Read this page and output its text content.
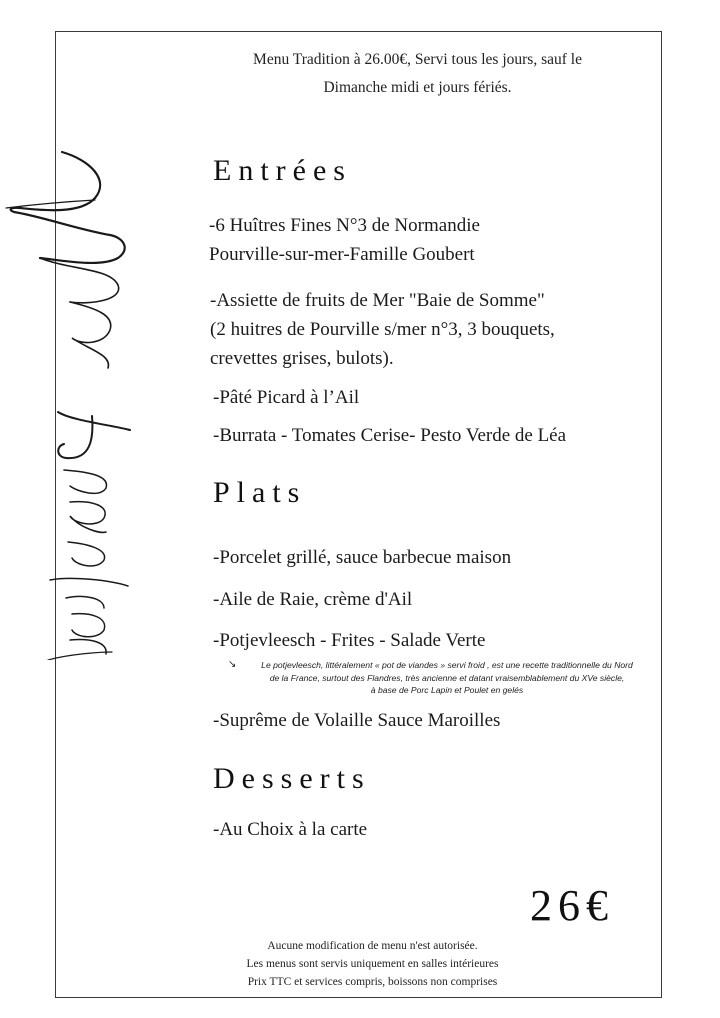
Menu Tradition à 26.00€, Servi tous les jours, sauf le
Dimanche midi et jours fériés.
Entrées
-6 Huîtres Fines N°3 de Normandie
Pourville-sur-mer-Famille Goubert
-Assiette de fruits de Mer "Baie de Somme"
(2 huitres de Pourville s/mer n°3, 3 bouquets,
crevettes grises, bulots).
-Pâté Picard à l’Ail
-Burrata - Tomates Cerise- Pesto Verde de Léa
Plats
-Porcelet grillé, sauce barbecue maison
-Aile de Raie, crème d'Ail
-Potjevleesch - Frites - Salade Verte
↘	Le potjevleesch, littéralement « pot de viandes » servi froid , est une recette traditionnelle du Nord
de la France, surtout des Flandres, très ancienne et datant vraisemblablement du XVe siècle,
à base de Porc Lapin et Poulet en gelés
-Suprême de Volaille Sauce Maroilles
Desserts
-Au Choix à la carte
26€
Aucune modification de menu n'est autorisée.
Les menus sont servis uniquement en salles intérieures
Prix TTC et services compris, boissons non comprises
